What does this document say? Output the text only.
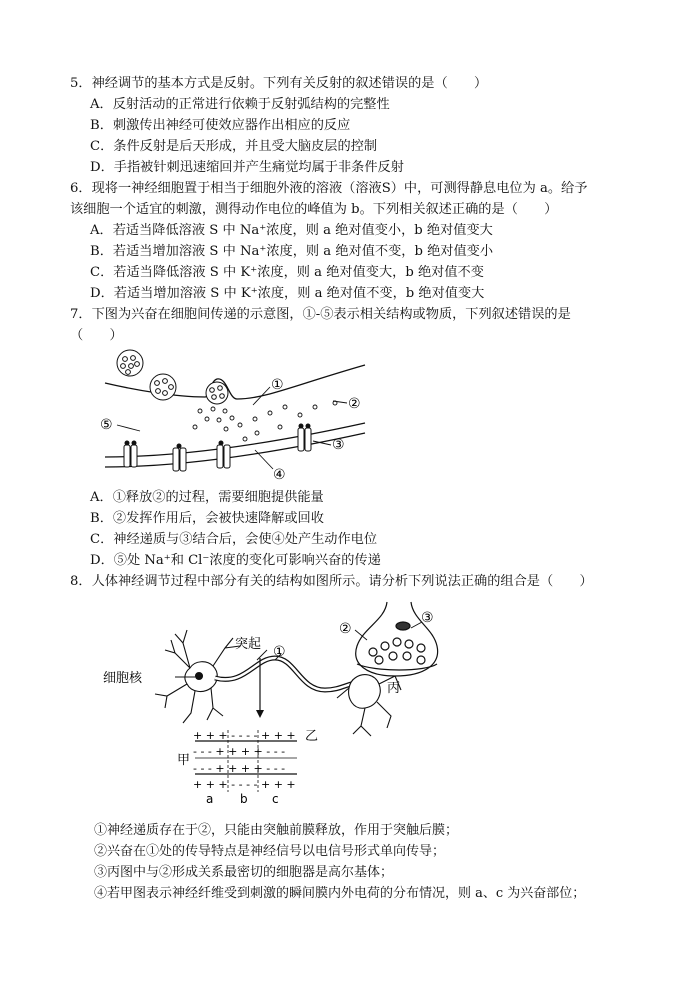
5．神经调节的基本方式是反射。下列有关反射的叙述错误的是（　　）
A．反射活动的正常进行依赖于反射弧结构的完整性
B．刺激传出神经可使效应器作出相应的反应
C．条件反射是后天形成，并且受大脑皮层的控制
D．手指被针刺迅速缩回并产生痛觉均属于非条件反射
6．现将一神经细胞置于相当于细胞外液的溶液（溶液S）中，可测得静息电位为 a。给予
该细胞一个适宜的刺激，测得动作电位的峰值为 b。下列相关叙述正确的是（　　）
A．若适当降低溶液 S 中 Na⁺浓度，则 a 绝对值变小，b 绝对值变大
B．若适当增加溶液 S 中 Na⁺浓度，则 a 绝对值不变，b 绝对值变小
C．若适当降低溶液 S 中 K⁺浓度，则 a 绝对值变大，b 绝对值不变
D．若适当增加溶液 S 中 K⁺浓度，则 a 绝对值不变，b 绝对值变大
7．下图为兴奋在细胞间传递的示意图，①-⑤表示相关结构或物质，下列叙述错误的是
（　　）
①
②
③
④
⑤
A．①释放②的过程，需要细胞提供能量
B．②发挥作用后，会被快速降解或回收
C．神经递质与③结合后，会使④处产生动作电位
D．⑤处 Na⁺和 Cl⁻浓度的变化可影响兴奋的传递
8．人体神经调节过程中部分有关的结构如图所示。请分析下列说法正确的组合是（　　）
突起
细胞核
①
②
③
丙
乙
+ + + - - - - + + +
- - - + + + + - - -
- - - + + + + - - -
+ + + - - - - + + +
甲
a b c
①神经递质存在于②，只能由突触前膜释放，作用于突触后膜；
②兴奋在①处的传导特点是神经信号以电信号形式单向传导；
③丙图中与②形成关系最密切的细胞器是高尔基体；
④若甲图表示神经纤维受到刺激的瞬间膜内外电荷的分布情况，则 a、c 为兴奋部位；
